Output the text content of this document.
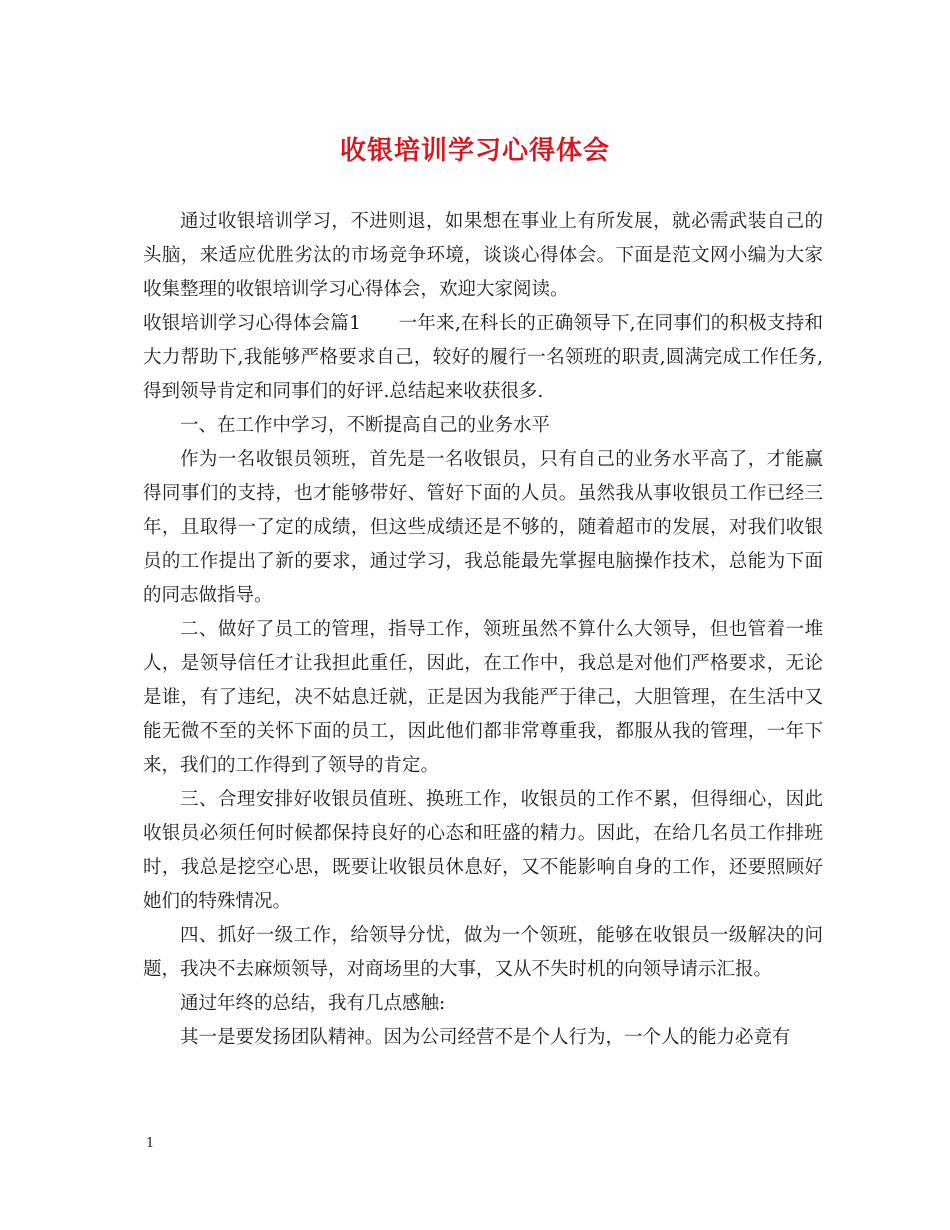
收银培训学习心得体会

通过收银培训学习，不进则退，如果想在事业上有所发展，就必需武装自己的头脑，来适应优胜劣汰的市场竞争环境，谈谈心得体会。下面是范文网小编为大家收集整理的收银培训学习心得体会，欢迎大家阅读。

收银培训学习心得体会篇1　　一年来,在科长的正确领导下,在同事们的积极支持和大力帮助下,我能够严格要求自己，较好的履行一名领班的职责,圆满完成工作任务,得到领导肯定和同事们的好评.总结起来收获很多.

一、在工作中学习，不断提高自己的业务水平

作为一名收银员领班，首先是一名收银员，只有自己的业务水平高了，才能赢得同事们的支持，也才能够带好、管好下面的人员。虽然我从事收银员工作已经三年，且取得一了定的成绩，但这些成绩还是不够的，随着超市的发展，对我们收银员的工作提出了新的要求，通过学习，我总能最先掌握电脑操作技术，总能为下面的同志做指导。

二、做好了员工的管理，指导工作，领班虽然不算什么大领导，但也管着一堆人，是领导信任才让我担此重任，因此，在工作中，我总是对他们严格要求，无论是谁，有了违纪，决不姑息迁就，正是因为我能严于律己，大胆管理，在生活中又能无微不至的关怀下面的员工，因此他们都非常尊重我，都服从我的管理，一年下来，我们的工作得到了领导的肯定。

三、合理安排好收银员值班、换班工作，收银员的工作不累，但得细心，因此收银员必须任何时候都保持良好的心态和旺盛的精力。因此，在给几名员工作排班时，我总是挖空心思，既要让收银员休息好，又不能影响自身的工作，还要照顾好她们的特殊情况。

四、抓好一级工作，给领导分忧，做为一个领班，能够在收银员一级解决的问题，我决不去麻烦领导，对商场里的大事，又从不失时机的向领导请示汇报。

通过年终的总结，我有几点感触:

其一是要发扬团队精神。因为公司经营不是个人行为，一个人的能力必竟有

1
